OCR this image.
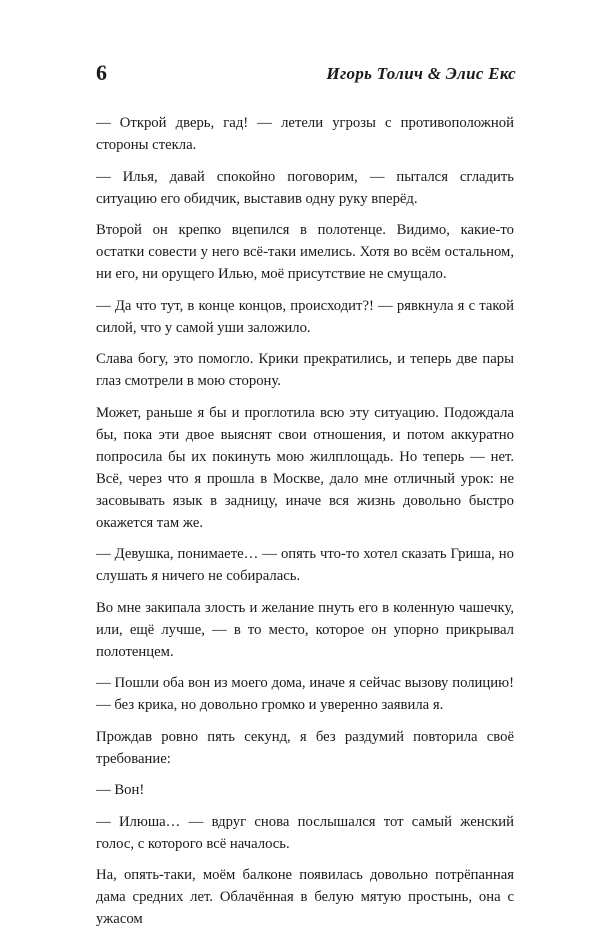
6	Игорь Толич & Элис Екс

— Открой дверь, гад! — летели угрозы с противоположной стороны стекла.

— Илья, давай спокойно поговорим, — пытался сгладить ситуацию его обидчик, выставив одну руку вперёд.

Второй он крепко вцепился в полотенце. Видимо, какие-то остатки совести у него всё-таки имелись. Хотя во всём остальном, ни его, ни орущего Илью, моё присутствие не смущало.

— Да что тут, в конце концов, происходит?! — рявкнула я с такой силой, что у самой уши заложило.

Слава богу, это помогло. Крики прекратились, и теперь две пары глаз смотрели в мою сторону.

Может, раньше я бы и проглотила всю эту ситуацию. Подождала бы, пока эти двое выяснят свои отношения, и потом аккуратно попросила бы их покинуть мою жилплощадь. Но теперь — нет. Всё, через что я прошла в Москве, дало мне отличный урок: не засовывать язык в задницу, иначе вся жизнь довольно быстро окажется там же.

— Девушка, понимаете… — опять что-то хотел сказать Гриша, но слушать я ничего не собиралась.

Во мне закипала злость и желание пнуть его в коленную чашечку, или, ещё лучше, — в то место, которое он упорно прикрывал полотенцем.

— Пошли оба вон из моего дома, иначе я сейчас вызову полицию! — без крика, но довольно громко и уверенно заявила я.

Прождав ровно пять секунд, я без раздумий повторила своё требование:

— Вон!

— Илюша… — вдруг снова послышался тот самый женский голос, с которого всё началось.

На, опять-таки, моём балконе появилась довольно потрёпанная дама средних лет. Облачённая в белую мятую простынь, она с ужасом
